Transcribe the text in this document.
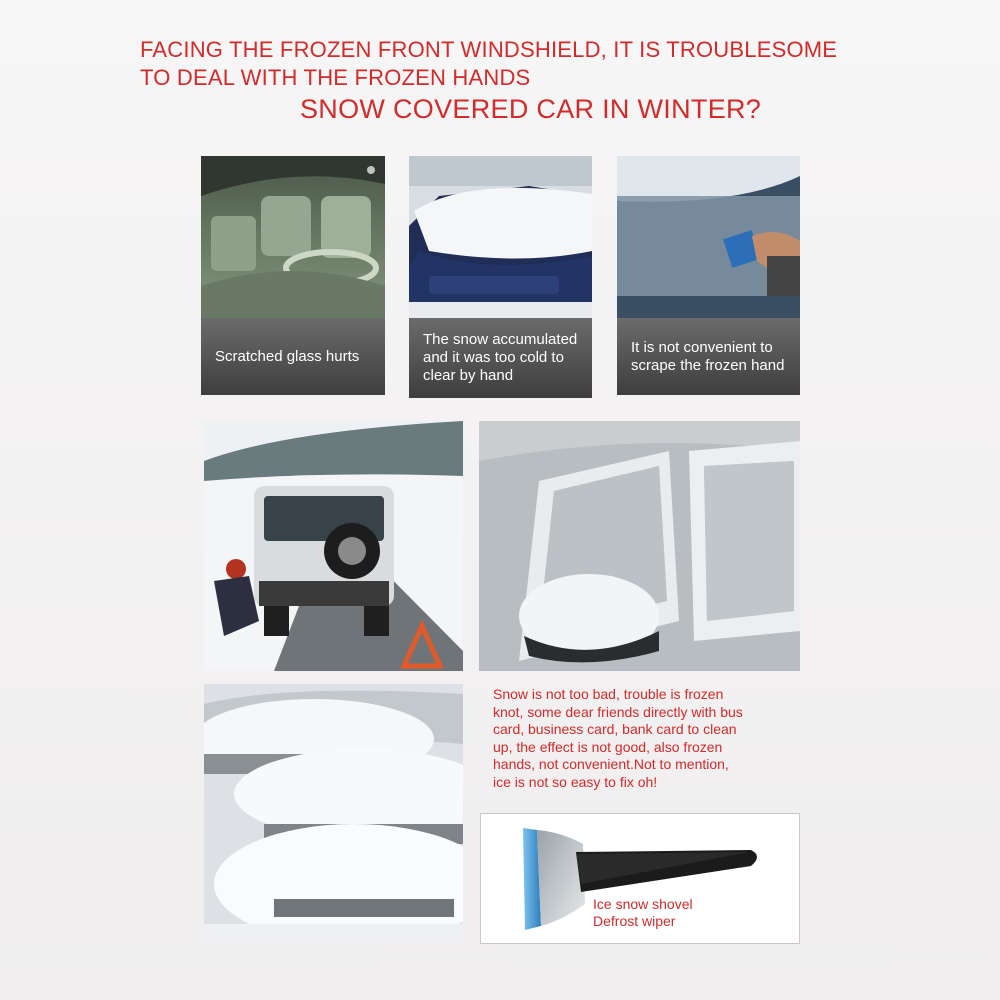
FACING THE FROZEN FRONT WINDSHIELD, IT IS TROUBLESOME
TO DEAL WITH THE FROZEN HANDS
SNOW COVERED CAR IN WINTER?
Scratched glass hurts
The snow accumulated
and it was too cold to
clear by hand
It is not convenient to
scrape the frozen hand
Snow is not too bad, trouble is frozen
knot, some dear friends directly with bus
card, business card, bank card to clean
up, the effect is not good, also frozen
hands, not convenient.Not to mention,
ice is not so easy to fix oh!
Ice snow shovel
Defrost wiper
